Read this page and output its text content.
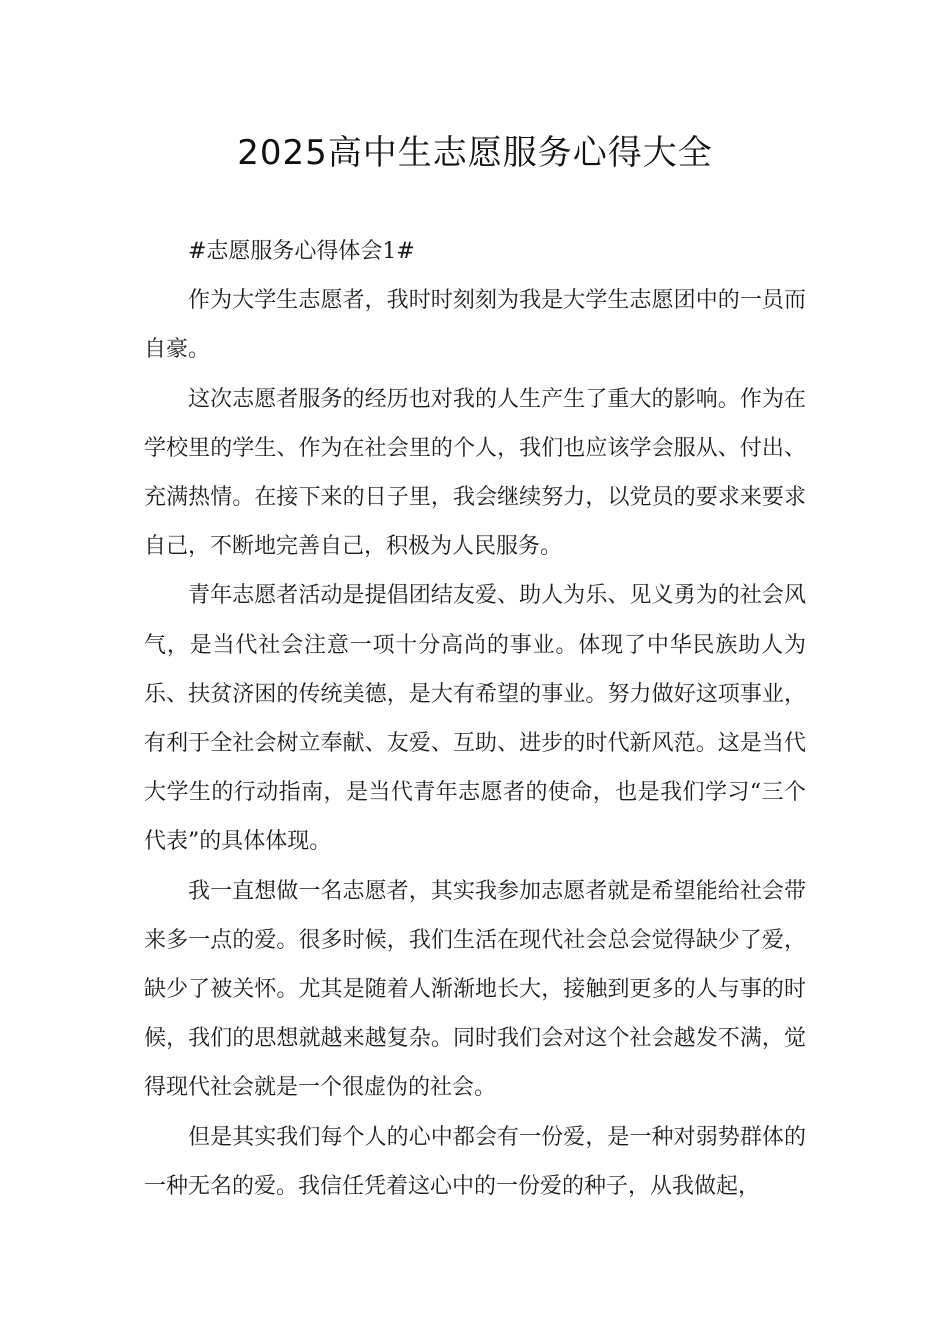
2025高中生志愿服务心得大全

#志愿服务心得体会1#

作为大学生志愿者，我时时刻刻为我是大学生志愿团中的一员而自豪。

这次志愿者服务的经历也对我的人生产生了重大的影响。作为在学校里的学生、作为在社会里的个人，我们也应该学会服从、付出、充满热情。在接下来的日子里，我会继续努力，以党员的要求来要求自己，不断地完善自己，积极为人民服务。

青年志愿者活动是提倡团结友爱、助人为乐、见义勇为的社会风气，是当代社会注意一项十分高尚的事业。体现了中华民族助人为乐、扶贫济困的传统美德，是大有希望的事业。努力做好这项事业，有利于全社会树立奉献、友爱、互助、进步的时代新风范。这是当代大学生的行动指南，是当代青年志愿者的使命，也是我们学习“三个代表”的具体体现。

我一直想做一名志愿者，其实我参加志愿者就是希望能给社会带来多一点的爱。很多时候，我们生活在现代社会总会觉得缺少了爱，缺少了被关怀。尤其是随着人渐渐地长大，接触到更多的人与事的时候，我们的思想就越来越复杂。同时我们会对这个社会越发不满，觉得现代社会就是一个很虚伪的社会。

但是其实我们每个人的心中都会有一份爱，是一种对弱势群体的一种无名的爱。我信任凭着这心中的一份爱的种子，从我做起，
